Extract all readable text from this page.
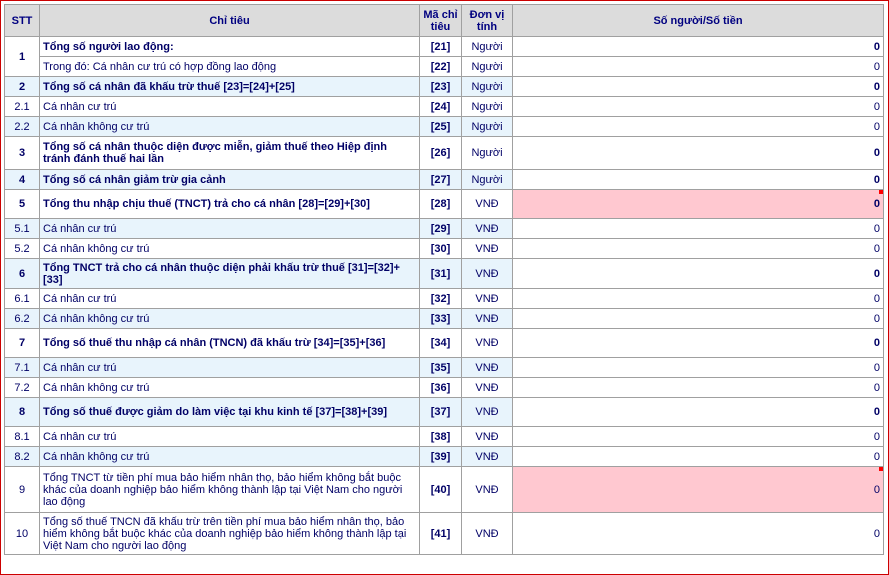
STT	Chỉ tiêu	Mã chỉ tiêu	Đơn vị tính	Số người/Số tiền
1	Tổng số người lao động:	[21]	Người	0
	Trong đó: Cá nhân cư trú có hợp đồng lao động	[22]	Người	0
2	Tổng số cá nhân đã khấu trừ thuế [23]=[24]+[25]	[23]	Người	0
2.1	Cá nhân cư trú	[24]	Người	0
2.2	Cá nhân không cư trú	[25]	Người	0
3	Tổng số cá nhân thuộc diện được miễn, giảm thuế theo Hiệp định tránh đánh thuế hai lần	[26]	Người	0
4	Tổng số cá nhân giảm trừ gia cảnh	[27]	Người	0
5	Tổng thu nhập chịu thuế (TNCT) trả cho cá nhân [28]=[29]+[30]	[28]	VNĐ	0
5.1	Cá nhân cư trú	[29]	VNĐ	0
5.2	Cá nhân không cư trú	[30]	VNĐ	0
6	Tổng TNCT trả cho cá nhân thuộc diện phải khấu trừ thuế [31]=[32]+[33]	[31]	VNĐ	0
6.1	Cá nhân cư trú	[32]	VNĐ	0
6.2	Cá nhân không cư trú	[33]	VNĐ	0
7	Tổng số thuế thu nhập cá nhân (TNCN) đã khấu trừ [34]=[35]+[36]	[34]	VNĐ	0
7.1	Cá nhân cư trú	[35]	VNĐ	0
7.2	Cá nhân không cư trú	[36]	VNĐ	0
8	Tổng số thuế được giảm do làm việc tại khu kinh tế [37]=[38]+[39]	[37]	VNĐ	0
8.1	Cá nhân cư trú	[38]	VNĐ	0
8.2	Cá nhân không cư trú	[39]	VNĐ	0
9	Tổng TNCT từ tiền phí mua bảo hiểm nhân thọ, bảo hiểm không bắt buộc khác của doanh nghiệp bảo hiểm không thành lập tại Việt Nam cho người lao động	[40]	VNĐ	0
10	Tổng số thuế TNCN đã khấu trừ trên tiền phí mua bảo hiểm nhân thọ, bảo hiểm không bắt buộc khác của doanh nghiệp bảo hiểm không thành lập tại Việt Nam cho người lao động	[41]	VNĐ	0
